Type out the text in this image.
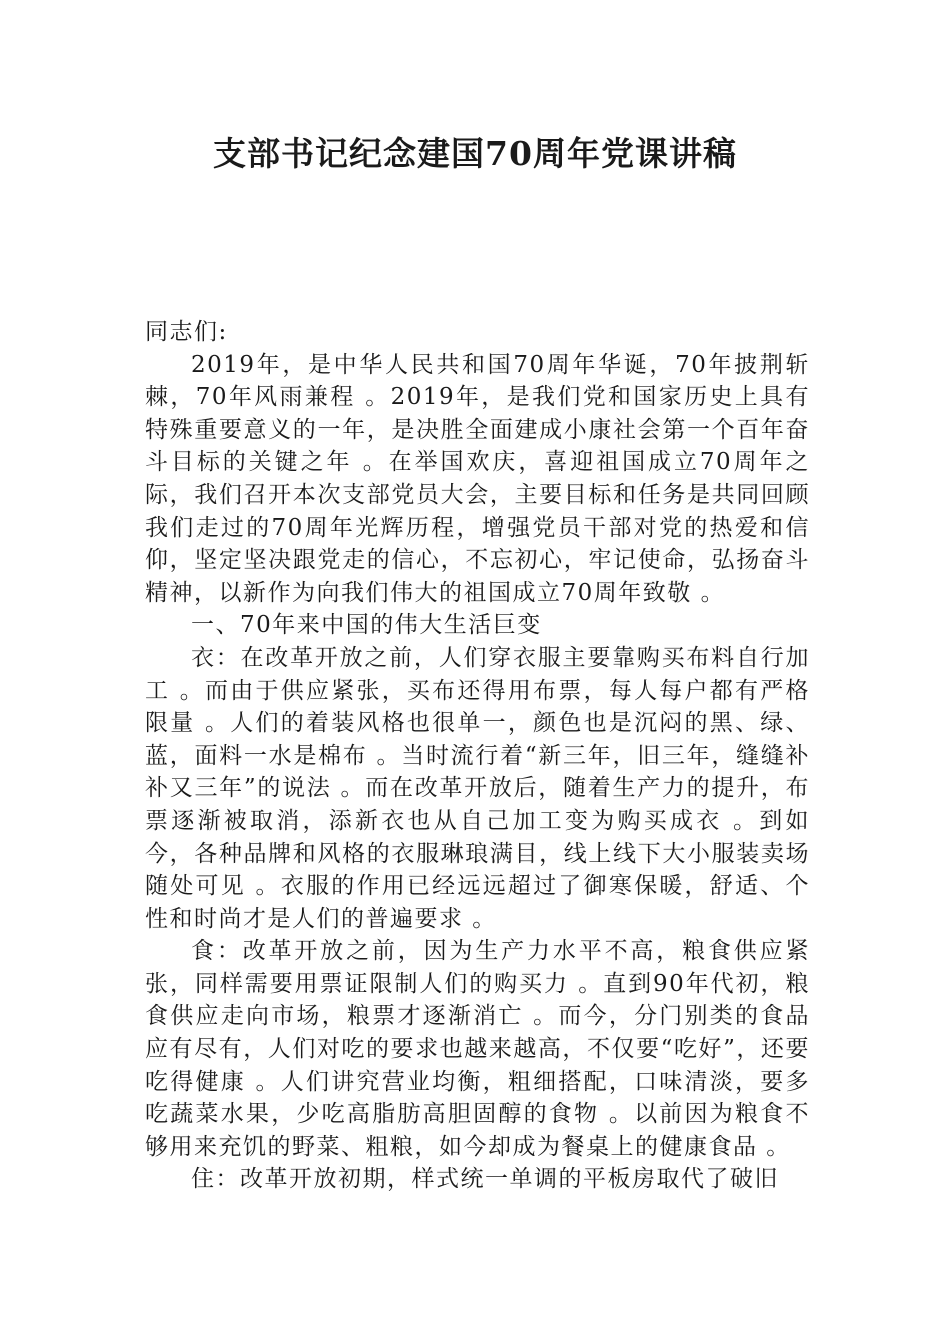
支部书记纪念建国70周年党课讲稿

同志们:

2019年，是中华人民共和国70周年华诞，70年披荆斩棘，70年风雨兼程 。2019年，是我们党和国家历史上具有特殊重要意义的一年，是决胜全面建成小康社会第一个百年奋斗目标的关键之年 。在举国欢庆，喜迎祖国成立70周年之际，我们召开本次支部党员大会，主要目标和任务是共同回顾我们走过的70周年光辉历程，增强党员干部对党的热爱和信仰，坚定坚决跟党走的信心，不忘初心，牢记使命，弘扬奋斗精神，以新作为向我们伟大的祖国成立70周年致敬 。

一、70年来中国的伟大生活巨变

衣：在改革开放之前，人们穿衣服主要靠购买布料自行加工 。而由于供应紧张，买布还得用布票，每人每户都有严格限量 。人们的着装风格也很单一，颜色也是沉闷的黑、绿、蓝，面料一水是棉布 。当时流行着“新三年，旧三年，缝缝补补又三年”的说法 。而在改革开放后，随着生产力的提升，布票逐渐被取消，添新衣也从自己加工变为购买成衣 。到如今，各种品牌和风格的衣服琳琅满目，线上线下大小服装卖场随处可见 。衣服的作用已经远远超过了御寒保暖，舒适、个性和时尚才是人们的普遍要求 。

食：改革开放之前，因为生产力水平不高，粮食供应紧张，同样需要用票证限制人们的购买力 。直到90年代初，粮食供应走向市场，粮票才逐渐消亡 。而今，分门别类的食品应有尽有，人们对吃的要求也越来越高，不仅要“吃好”，还要吃得健康 。人们讲究营业均衡，粗细搭配，口味清淡，要多吃蔬菜水果，少吃高脂肪高胆固醇的食物 。以前因为粮食不够用来充饥的野菜、粗粮，如今却成为餐桌上的健康食品 。

住：改革开放初期，样式统一单调的平板房取代了破旧
